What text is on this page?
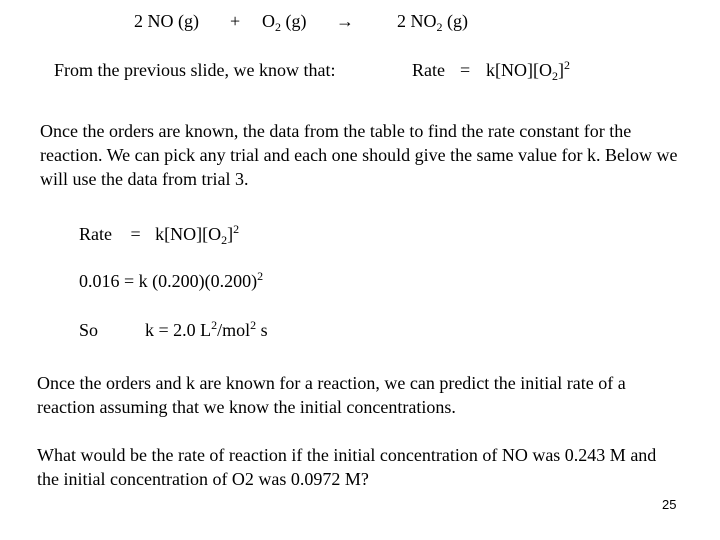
2 NO $(g) + O_2$ (g) → 2 $NO_2$ (g)
From the previous slide, we know that:	Rate = $k[NO][O_2]^2$
Once the orders are known, the data from the table to find the rate constant for the reaction. We can pick any trial and each one should give the same value for k. Below we will use the data from trial 3.
Rate = $k[NO][O_2]^2$
0.016 = k $(0.200)(0.200)^2$
So	k = 2.0 $L^2/mol^2$ s
Once the orders and k are known for a reaction, we can predict the initial rate of a reaction assuming that we know the initial concentrations.
What would be the rate of reaction if the initial concentration of NO was 0.243 M and the initial concentration of O2 was 0.0972 M?
25
